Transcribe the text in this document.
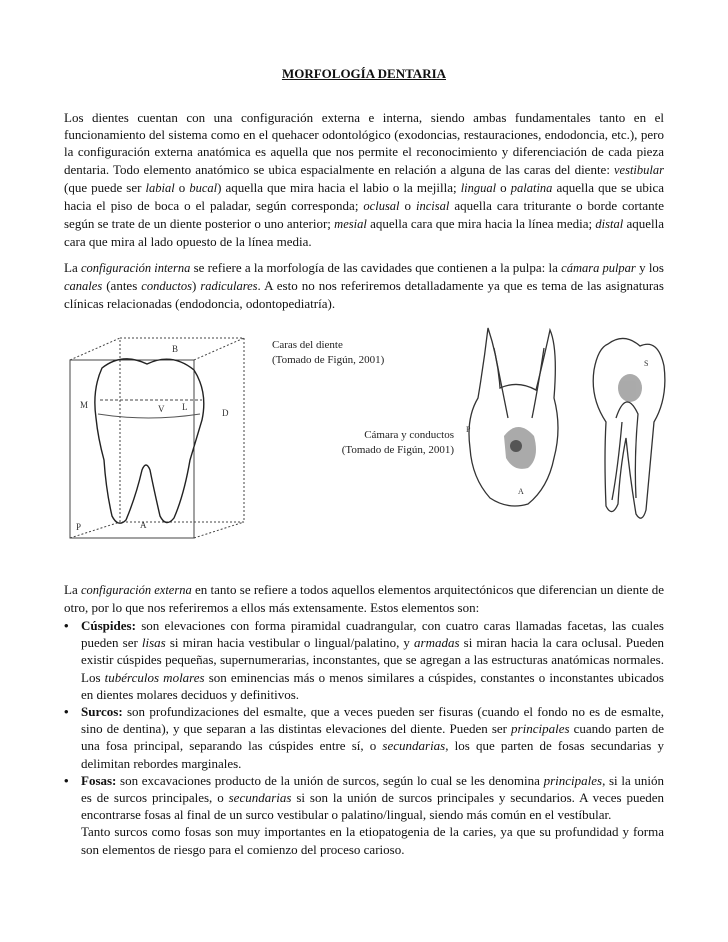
MORFOLOGÍA DENTARIA

Los dientes cuentan con una configuración externa e interna, siendo ambas fundamentales tanto en el funcionamiento del sistema como en el quehacer odontológico (exodoncias, restauraciones, endodoncia, etc.), pero la configuración externa anatómica es aquella que nos permite el reconocimiento y diferenciación de cada pieza dentaria. Todo elemento anatómico se ubica espacialmente en relación a alguna de las caras del diente: vestibular (que puede ser labial o bucal) aquella que mira hacia el labio o la mejilla; lingual o palatina aquella que se ubica hacia el piso de boca o el paladar, según corresponda; oclusal o incisal aquella cara triturante o borde cortante según se trate de un diente posterior o uno anterior; mesial aquella cara que mira hacia la línea media; distal aquella cara que mira al lado opuesto de la línea media.

La configuración interna se refiere a la morfología de las cavidades que contienen a la pulpa: la cámara pulpar y los canales (antes conductos) radiculares. A esto no nos referiremos detalladamente ya que es tema de las asignaturas clínicas relacionadas (endodoncia, odontopediatría).

B
M	V L
D
P	A
Caras del diente
(Tomado de Figún, 2001)
Cámara y conductos
(Tomado de Figún, 2001)
A
S
P

La configuración externa en tanto se refiere a todos aquellos elementos arquitectónicos que diferencian un diente de otro, por lo que nos referiremos a ellos más extensamente. Estos elementos son:

• Cúspides: son elevaciones con forma piramidal cuadrangular, con cuatro caras llamadas facetas, las cuales pueden ser lisas si miran hacia vestibular o lingual/palatino, y armadas si miran hacia la cara oclusal. Pueden existir cúspides pequeñas, supernumerarias, inconstantes, que se agregan a las estructuras anatómicas normales. Los tubérculos molares son eminencias más o menos similares a cúspides, constantes o inconstantes ubicados en dientes molares deciduos y definitivos.
• Surcos: son profundizaciones del esmalte, que a veces pueden ser fisuras (cuando el fondo no es de esmalte, sino de dentina), y que separan a las distintas elevaciones del diente. Pueden ser principales cuando parten de una fosa principal, separando las cúspides entre sí, o secundarias, los que parten de fosas secundarias y delimitan rebordes marginales.
• Fosas: son excavaciones producto de la unión de surcos, según lo cual se les denomina principales, si la unión es de surcos principales, o secundarias si son la unión de surcos principales y secundarios. A veces pueden encontrarse fosas al final de un surco vestibular o palatino/lingual, siendo más común en el vestíbular.
Tanto surcos como fosas son muy importantes en la etiopatogenia de la caries, ya que su profundidad y forma son elementos de riesgo para el comienzo del proceso carioso.
